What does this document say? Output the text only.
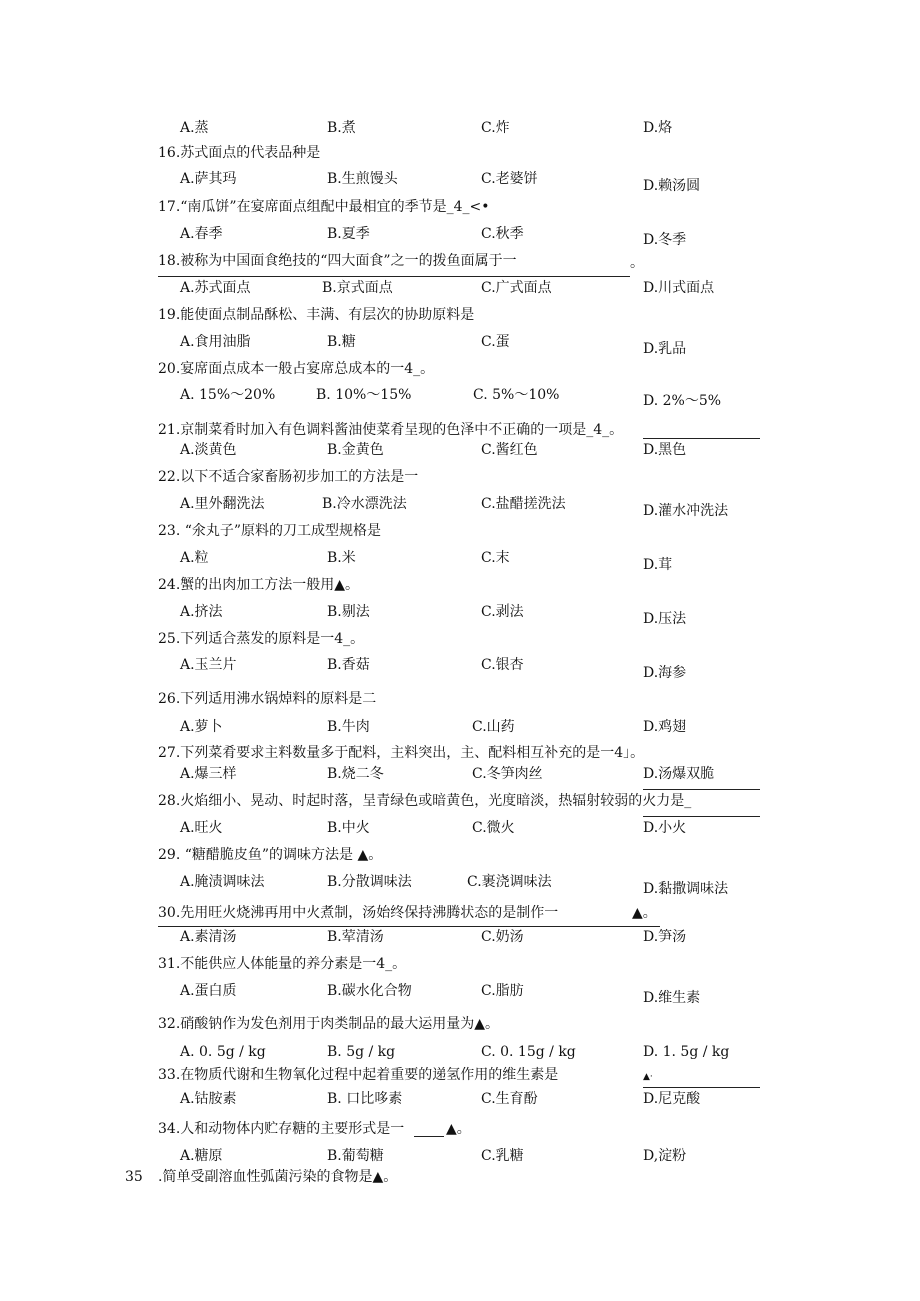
A.蒸	B.煮	C.炸	D.烙
16.苏式面点的代表品种是
A.萨其玛	B.生煎馒头	C.老婆饼	D.赖汤圆
17.“南瓜饼”在宴席面点组配中最相宜的季节是_4_<•
A.春季	B.夏季	C.秋季	D.冬季
18.被称为中国面食绝技的“四大面食”之一的拨鱼面属于一	。
A.苏式面点	B.京式面点	C.广式面点	D.川式面点
19.能使面点制品酥松、丰满、有层次的协助原料是
A.食用油脂	B.糖	C.蛋	D.乳品
20.宴席面点成本一般占宴席总成本的一4_。
A. 15%～20%	B. 10%～15%	C. 5%～10%	D. 2%～5%
21.京制菜肴时加入有色调料酱油使菜肴呈现的色泽中不正确的一项是_4_。
A.淡黄色	B.金黄色	C.酱红色	D.黑色
22.以下不适合家畜肠初步加工的方法是一
A.里外翻洗法	B.冷水漂洗法	C.盐醋搓洗法	D.灌水冲洗法
23. “氽丸子”原料的刀工成型规格是
A.粒	B.米	C.末	D.茸
24.蟹的出肉加工方法一般用▲。
A.挤法	B.剔法	C.剥法	D.压法
25.下列适合蒸发的原料是一4_。
A.玉兰片	B.香菇	C.银杏	D.海参
26.下列适用沸水锅焯料的原料是二
A.萝卜	B.牛肉	C.山药	D.鸡翅
27.下列菜肴要求主料数量多于配料，主料突出，主、配料相互补充的是一4」。
A.爆三样	B.烧二冬	C.冬笋肉丝	D.汤爆双脆
28.火焰细小、晃动、时起时落，呈青绿色或暗黄色，光度暗淡，热辐射较弱的火力是_
A.旺火	B.中火	C.微火	D.小火
29. “糖醋脆皮鱼”的调味方法是 ▲。
A.腌渍调味法	B.分散调味法	C.裹浇调味法	D.黏撒调味法
30.先用旺火烧沸再用中火煮制，汤始终保持沸腾状态的是制作一	▲。
A.素清汤	B.荤清汤	C.奶汤	D.笋汤
31.不能供应人体能量的养分素是一4_。
A.蛋白质	B.碳水化合物	C.脂肪	D.维生素
32.硝酸钠作为发色剂用于肉类制品的最大运用量为▲。
A. 0. 5g / kg	B. 5g / kg	C. 0. 15g / kg	D. 1. 5g / kg
33.在物质代谢和生物氧化过程中起着重要的递氢作用的维生素是	▲·
A.钴胺素	B. 口比哆素	C.生育酚	D.尼克酸
34.人和动物体内贮存糖的主要形式是一	▲。
A.糖原	B.葡萄糖	C.乳糖	D,淀粉
35 .简单受副溶血性弧菌污染的食物是▲。
